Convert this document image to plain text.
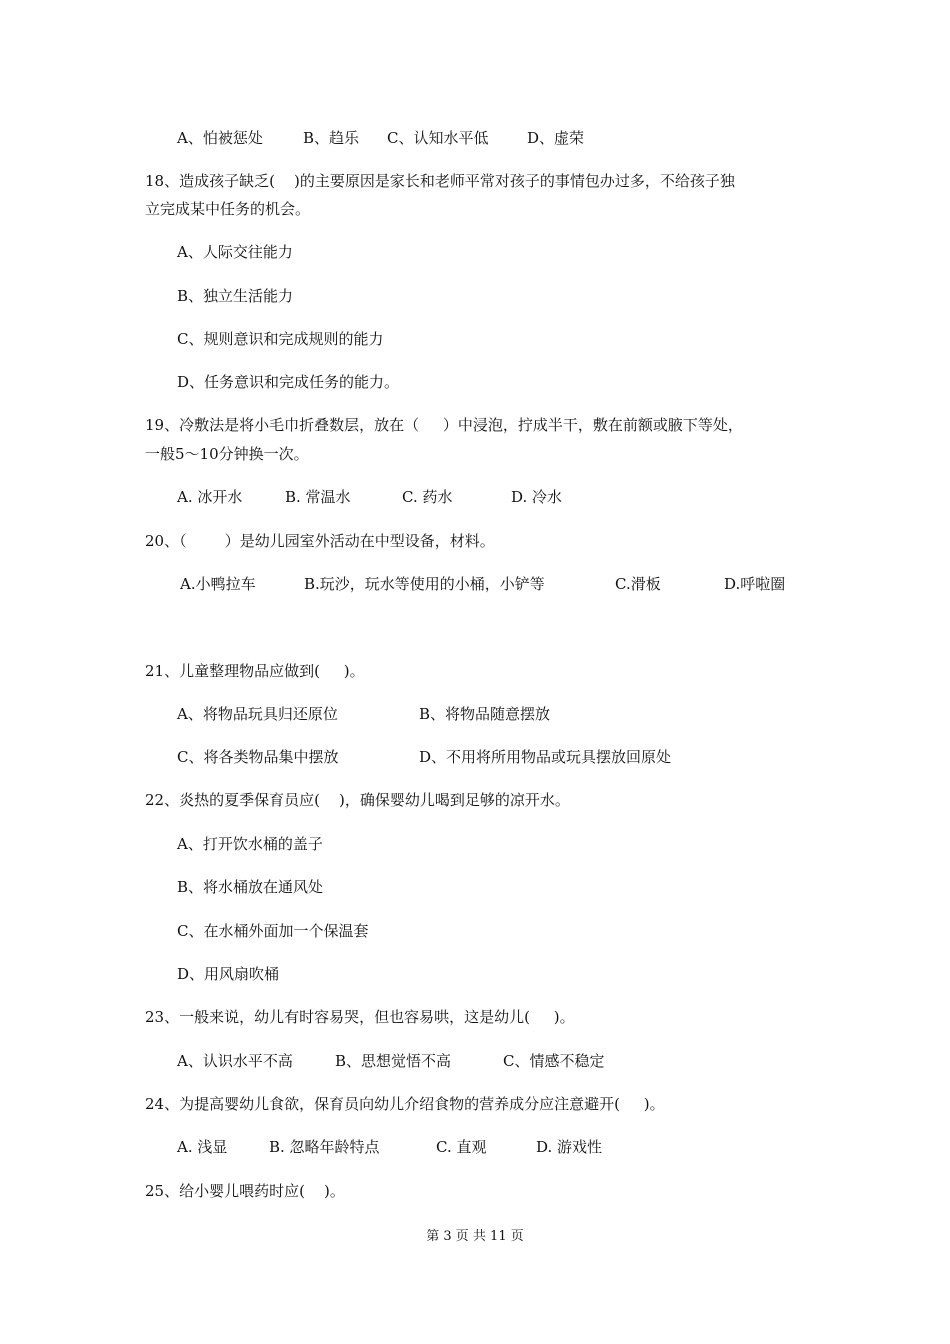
A、怕被惩处

	B、趋乐

C、认知水平低

	D、虚荣

18、造成孩子缺乏(    )的主要原因是家长和老师平常对孩子的事情包办过多，不给孩子独
立完成某中任务的机会。
A、人际交往能力
B、独立生活能力
C、规则意识和完成规则的能力
D、任务意识和完成任务的能力。
19、冷敷法是将小毛巾折叠数层，放在（     ）中浸泡，拧成半干，敷在前额或腋下等处，
一般5～10分钟换一次。

A. 冰开水

	B. 常温水

	C. 药水

	D. 冷水

20、（        ）是幼儿园室外活动在中型设备，材料。

A.小鸭拉车

	B.玩沙，玩水等使用的小桶，小铲等

	C.滑板

	D.呼啦圈

21、儿童整理物品应做到(     )。

A、将物品玩具归还原位

	B、将物品随意摆放

C、将各类物品集中摆放

	D、不用将所用物品或玩具摆放回原处

22、炎热的夏季保育员应(    )，确保婴幼儿喝到足够的凉开水。
A、打开饮水桶的盖子
B、将水桶放在通风处
C、在水桶外面加一个保温套
D、用风扇吹桶
23、一般来说，幼儿有时容易哭，但也容易哄，这是幼儿(     )。

A、认识水平不高

	B、思想觉悟不高

	C、情感不稳定

24、为提高婴幼儿食欲，保育员向幼儿介绍食物的营养成分应注意避开(     )。

A. 浅显

	B. 忽略年龄特点

	C. 直观

	D. 游戏性

25、给小婴儿喂药时应(    )。
第 3 页 共 11 页
